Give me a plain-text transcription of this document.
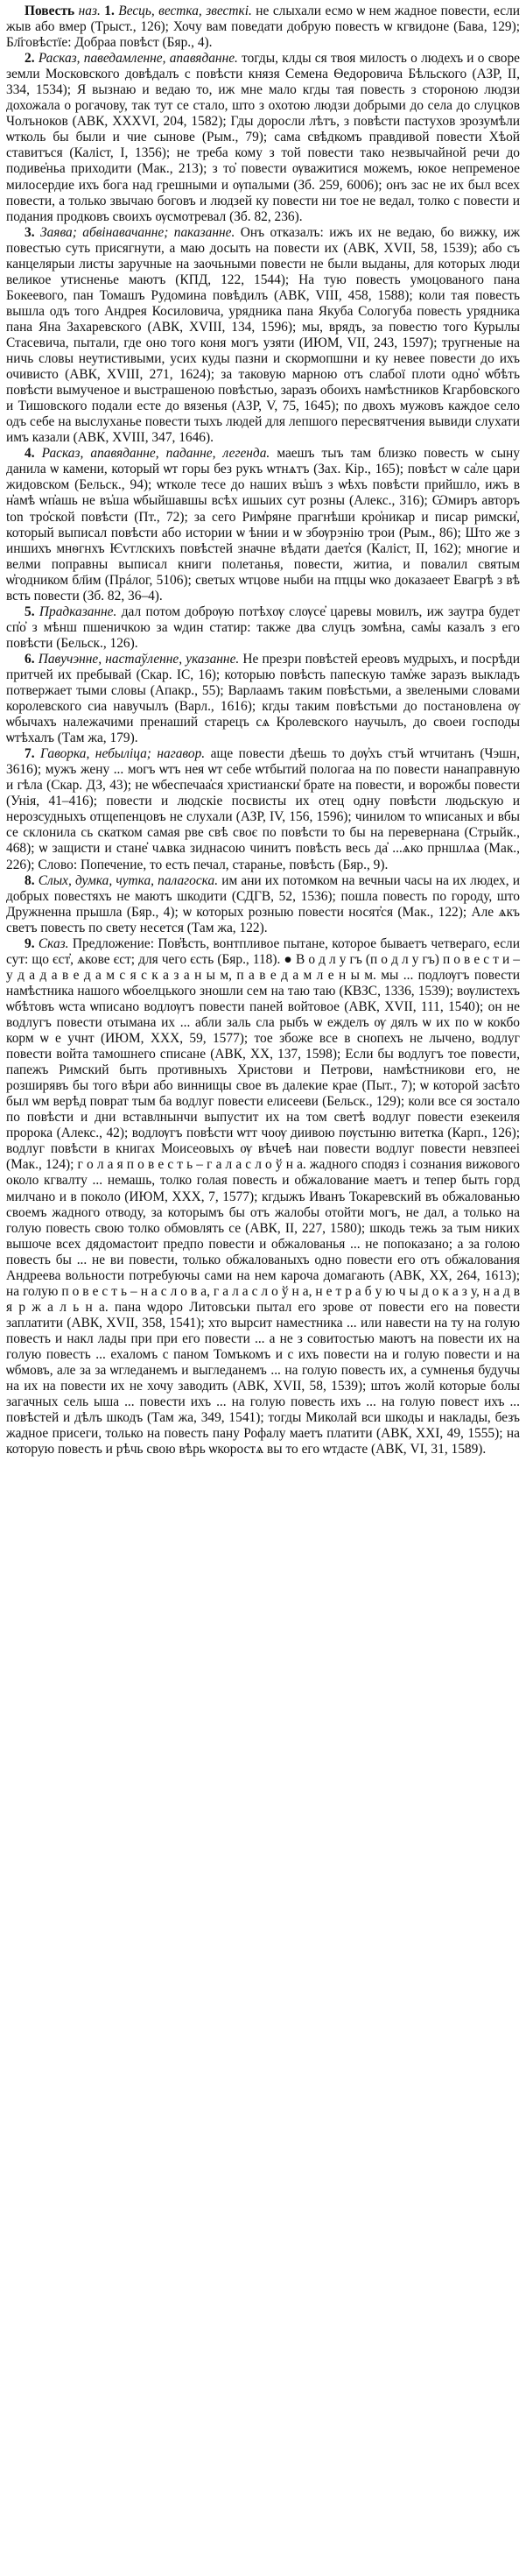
Повесть наз. 1. Весць, вестка, звесткі. не слыхали есмо ѡ нем жадное повести, если жыв або вмер (Трыст., 126); Хочу вам поведати добрую повесть ѡ кгвидоне (Бава, 129); Бл҃говѣстїе: Добраа повѣст (Бяр., 4).

2. Расказ, паведамленне, апавяданне. тогды, клды ся твоя милость о людехъ и о своре земли Московского довѣдалъ с повѣсти князя Семена Ѳедоровича Бѣльского (АЗР, II, 334, 1534); Я вызнаю и ведаю то, иж мне мало кгды тая повесть з стороною людзи дохожала о рогачову, так тут се стало, што з охотою людзи добрыми до села до слуцков Чолъноков (АВК, XXXVI, 204, 1582); Гды доросли лѣтъ, з повѣсти пастухов зрозумѣли ѡтколь бы были и чие сынове (Рым., 79); сама свѣдкомъ правдивой повести Хѣой ставитъся (Каліст, I, 1356); не треба кому з той повести тако незвычайной речи до подиве҆ньа приходити (Мак., 213); з то҆ повести ѹважитися можемъ, юкое непременое милосердие ихъ бога над грешными и ѹпалыми (Зб. 259, 6006); онъ зас не их был всех повести, а только звычаю боговъ и людзей ку повести ни тое не ведал, толко с повести и подания продковъ своихъ ѹсмотревал (Зб. 82, 236).

3. Заява; абвінавачанне; паказанне. Онъ отказалъ: ижъ их не ведаю, бо вижку, иж повестью суть присягнути, а маю досыть на повести их (АВК, XVII, 58, 1539); або съ канцелярыи листы заручные на заочьными повести не были выданы, для которых люди великое утисненье маютъ (КПД, 122, 1544); На тую повесть умоцованого пана Бокеевого, пан Томашъ Рудомина повѣдилъ (АВК, VIII, 458, 1588); коли тая повесть вышла одъ того Андрея Косиловича, урядника пана Якуба Сологуба повесть урядника пана Яна Захаревского (АВК, XVIII, 134, 1596); мы, врядъ, за повестю того Курылы Стасевича, пытали, где оно того коня могъ узяти (ИЮМ, VII, 243, 1597); тругненые на ничь словы неутистивыми, усих куды пазни и скормопшни и ку невее повести до ихъ очивисто (АВК, XVIII, 271, 1624); за таковую марною отъ слабої плоти одно҆ ѡбѣть повѣсти вымученое и выстрашеною повѣстью, заразъ обоихъ намѣстников Кгарбовского и Тишовского подали есте до вязенья (АЗР, V, 75, 1645); по двохъ мужовъ каждое село одъ себе на выслуханье повести тыхъ людей для лепшого пересвятчения вывиди слухати имъ казали (АВК, XVIII, 347, 1646).

4. Расказ, апавяданне, паданне, легенда. маешъ тыъ там близко повесть ѡ сыну данила ѡ камени, который ѡт горы без рукъ ѡтнѧтъ (Зах. Кір., 165); повѣст ѡ са҆ле цари жидовском (Бельск., 94); ѡтколе тесе до наших въ҆шъ з ѡѣхъ повѣсти прийшло, ижъ в н҆амѣ ѡп҆ашь не въ҆ша ѡбыйшавшы всѣх ишыих сут розны (Алекс., 316); Ѡмиръ авторъ ton тро҆ской повѣсти (Пт., 72); за сего Рим҆ряне прагнѣши кро҆никар и писар римски҆, который выписал повѣсти або истории ѡ ѣнии и ѡ збѹрэнію трои (Рым., 86); Што же з иншихъ мнѳгнхъ Ѥѵглскихъ повѣстей значне вѣдати дает҆ся (Каліст, II, 162); многие и велми поправны выписал книги полетанья, повести, житиа, и повалил святым ѡ҆годником бл҃им (Прáлог, 5106); светых ѡтцове ныби на пҵцы ѡко доказаеет Евагрѣ з вѣ всть повести (Зб. 82, 36–4).

5. Прадказанне. дал потом добрѹю потѣхѹ слѹсе҆ царевы мовилъ, иж заутра будет сп҆о҆ з мѣнш пшеничкою за ѡдин статир: также два слуцъ зомѣна, сам҆ы казалъ з его повѣсти (Бельск., 126).

6. Павучэнне, настаўленне, указанне. Не презри повѣстей ереовъ мудрыхъ, и посрѣди притчей их пребывай (Скар. IC, 16); которыю повѣсть папескую там҆же заразъ выкладъ потвержает тыми словы (Апакр., 55); Варлаамъ таким повѣстьми, а звелеными словами королевского сиа навучылъ (Варл., 1616); кгды таким повѣстьми до постановлена ѹ ѡбычахъ належачими пренаший старецъ сѧ Кролевского научылъ, до своеи господы ѡтѣхалъ (Там жа, 179).

7. Гаворка, небыліца; нагавор. аще повести дѣешь то дѹ҆хъ стъй ѡтчитанъ (Чэшн, 3616); мужъ жену ... могъ ѡтъ нея ѡт себе ѡтбытий пологаа на по повести нанаправную и гѣла (Скар. ДЗ, 43); не ѡбеспечаа҆ся христиански҆ брате на повести, и ворожбы повести (Унія, 41–416); повести и людскіе посвисты их отец одну повѣсти людьскую и нерозсудныхъ отщепенцовъ не слухали (АЗР, IV, 156, 1596); чинилом то ѡписаных и вбы се склонила сь скатком самая рве свѣ своє по повѣсти то бы на перевернана (Стрыйк., 468); ѡ защисти и стане҆ чѧвка зиднасою чинитъ повѣсть весь да҆ ...ѧко прншлѧа (Мак., 226); Слово: Попечение, то есть печал, старанье, повѣсть (Бяр., 9).

8. Слых, думка, чутка, палагоска. им ани их потомком на вечныи часы на их людех, и добрых повестяхъ не маютъ шкодити (СДГВ, 52, 1536); пошла повесть по городу, што Дружненна прышла (Бяр., 4); ѡ которых розныю повести носят҆ся (Мак., 122); Але ѧкъ светъ повесть по свету несется (Там жа, 122).

9. Сказ. Предложение: Пов҆ѣсть, вонтпливое пытане, которое бываетъ четвераго, если сут: що єст҆, ѧкове єст; для чего єсть (Бяр., 118). ● В о д л у гъ (п о д л у гъ) п о в е с т и – у д а д а в е д а м с я с к а з а н ы м, п а в е д а м л е н ы м. мы ... подлѹгъ повести намѣстника нашого ѡбоелцького зношли сем на таю таю (КВЗС, 1336, 1539); вѹлистехъ ѡбѣтовъ ѡста ѡписано водлѹгъ повести паней войтовое (АВК, XVII, 111, 1540); он не водлугъ повести отымана их ... абли заль сла рыбъ ѡ ежделъ ѹ дялъ ѡ их по ѡ кокбо корм ѡ е учнт (ИЮМ, XXX, 59, 1577); тое збоже все в снопехъ не лычено, водлуг повести войта тамошнего списане (АВК, XX, 137, 1598); Если бы водлугъ тое повести, папежъ Римский быть противныхъ Христови и Петрови, намѣстникови его, не розширявъ бы того вѣри або виннищы свое въ далекие крае (Пыт., 7); ѡ которой засѣто был ѡм верѣд поврат тым ба водлуг повести елисееви (Бельск., 129); коли все ся зостало по повѣсти и дни вставлнынчи выпустит их на том светѣ водлуг повести езекеиля пророка (Алекс., 42); водлѹгъ повѣсти ѡтт чоѹ диивою пѹстыню витетка (Карп., 126); водлуг повѣсти в книгах Моисеовыхъ ѹ вѣчеѣ наи повести водлуг повести невзпееі (Мак., 124); г о л а я п о в е с т ь – г а л а с л о ў н а. жадного сподяз і сознания вижового около кгвалту ... немашь, толко голая повесть и обжалование маетъ и тепер быть горд милчано и в поколо (ИЮМ, XXX, 7, 1577); кгдыжъ Иванъ Токаревский въ обжалованью своемъ жадного отводу, за которымъ бы отъ жалобы отойти могъ, не дал, а только на голую повесть свою толко обмовлять се (АВК, II, 227, 1580); шкодь тежь за тым никих вышоче всех дядомастоит предпо повести и обжалованья ... не попоказано; а за голою повесть бы ... не ви повести, только обжалованыхъ одно повести его отъ обжалования Андреева вольности потребуючы сами на нем кароча домагають (АВК, XX, 264, 1613); на голую п о в е с т ь – н а с л о в а, г а л а с л о ў н а, н е т р а б у ю ч ы д о к а з у, н а д в я р ж а л ь н а. пана ѡдоро Литовськи пытал его зрове от повести его на повести заплатити (АВК, XVII, 358, 1541); хто вырсит наместника ... или навести на ту на голую повесть и накл лады при при его повести ... а не з совитостью маютъ на повести их на голую повесть ... ехаломъ с паном Томъкомъ и с ихъ повести на и голую повести и на ѡбмовъ, але за за ѡгледанемъ и выгледанемъ ... на голую повесть их, а сумненья будучы на их на повести их не хочу заводить (АВК, XVII, 58, 1539); штоъ жолй которые болы загачных сель ыша ... повести ихъ ... на голую повесть ихъ ... на голую повест ихъ ... повѣстей и дѣлъ шкодъ (Там жа, 349, 1541); тогды Миколай вси шкоды и наклады, безъ жадное присеги, только на повесть пану Рофалу маетъ платити (АВК, XXI, 49, 1555); на которую повесть и рѣчь свою вѣрь ѡкоростѧ вы то его ѡтдасте (АВК, VI, 31, 1589).
